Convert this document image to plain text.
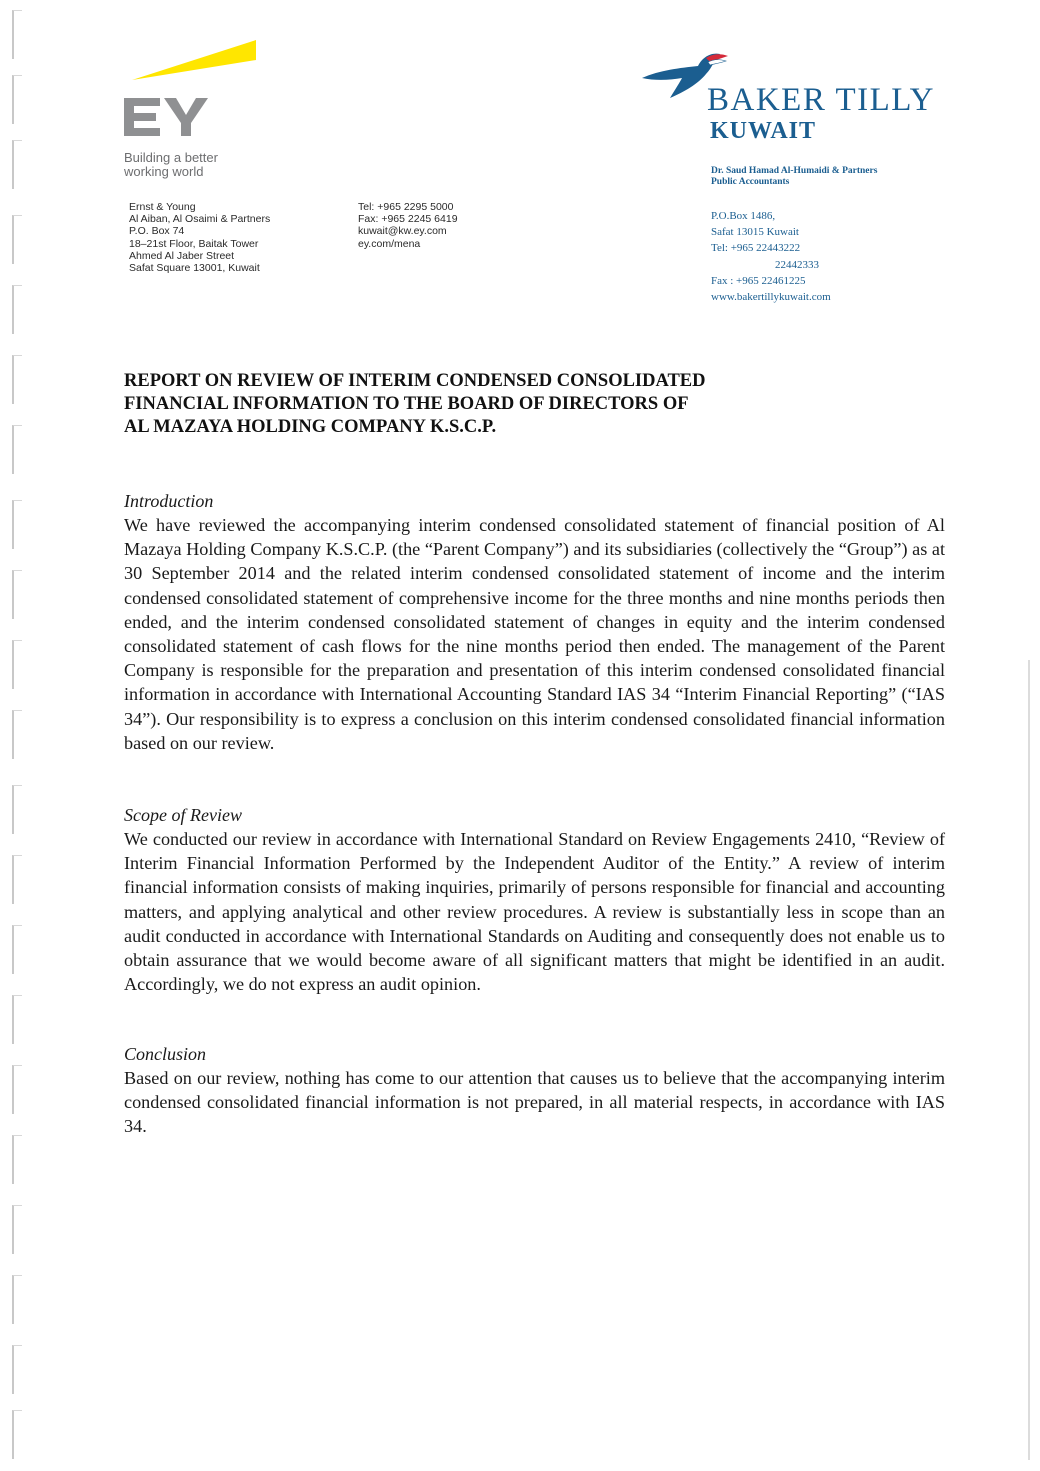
Building a better
working world
Ernst & Young
Al Aiban, Al Osaimi & Partners
P.O. Box 74
18–21st Floor, Baitak Tower
Ahmed Al Jaber Street
Safat Square 13001, Kuwait
Tel: +965 2295 5000
Fax: +965 2245 6419
kuwait@kw.ey.com
ey.com/mena
BAKER TILLY
KUWAIT
Dr. Saud Hamad Al-Humaidi & Partners
Public Accountants
P.O.Box 1486,
Safat 13015 Kuwait
Tel: +965 22443222
22442333
Fax : +965 22461225
www.bakertillykuwait.com
REPORT ON REVIEW OF INTERIM CONDENSED CONSOLIDATED
FINANCIAL INFORMATION TO THE BOARD OF DIRECTORS OF
AL MAZAYA HOLDING COMPANY K.S.C.P.
Introduction

We have reviewed the accompanying interim condensed consolidated statement of financial position of Al Mazaya Holding Company K.S.C.P. (the “Parent Company”) and its subsidiaries (collectively the “Group”) as at 30 September 2014 and the related interim condensed consolidated statement of income and the interim condensed consolidated statement of comprehensive income for the three months and nine months periods then ended, and the interim condensed consolidated statement of changes in equity and the interim condensed consolidated statement of cash flows for the nine months period then ended. The management of the Parent Company is responsible for the preparation and presentation of this interim condensed consolidated financial information in accordance with International Accounting Standard IAS 34 “Interim Financial Reporting” (“IAS 34”). Our responsibility is to express a conclusion on this interim condensed consolidated financial information based on our review.

Scope of Review

We conducted our review in accordance with International Standard on Review Engagements 2410, “Review of Interim Financial Information Performed by the Independent Auditor of the Entity.” A review of interim financial information consists of making inquiries, primarily of persons responsible for financial and accounting matters, and applying analytical and other review procedures. A review is substantially less in scope than an audit conducted in accordance with International Standards on Auditing and consequently does not enable us to obtain assurance that we would become aware of all significant matters that might be identified in an audit. Accordingly, we do not express an audit opinion.

Conclusion

Based on our review, nothing has come to our attention that causes us to believe that the accompanying interim condensed consolidated financial information is not prepared, in all material respects, in accordance with IAS 34.
